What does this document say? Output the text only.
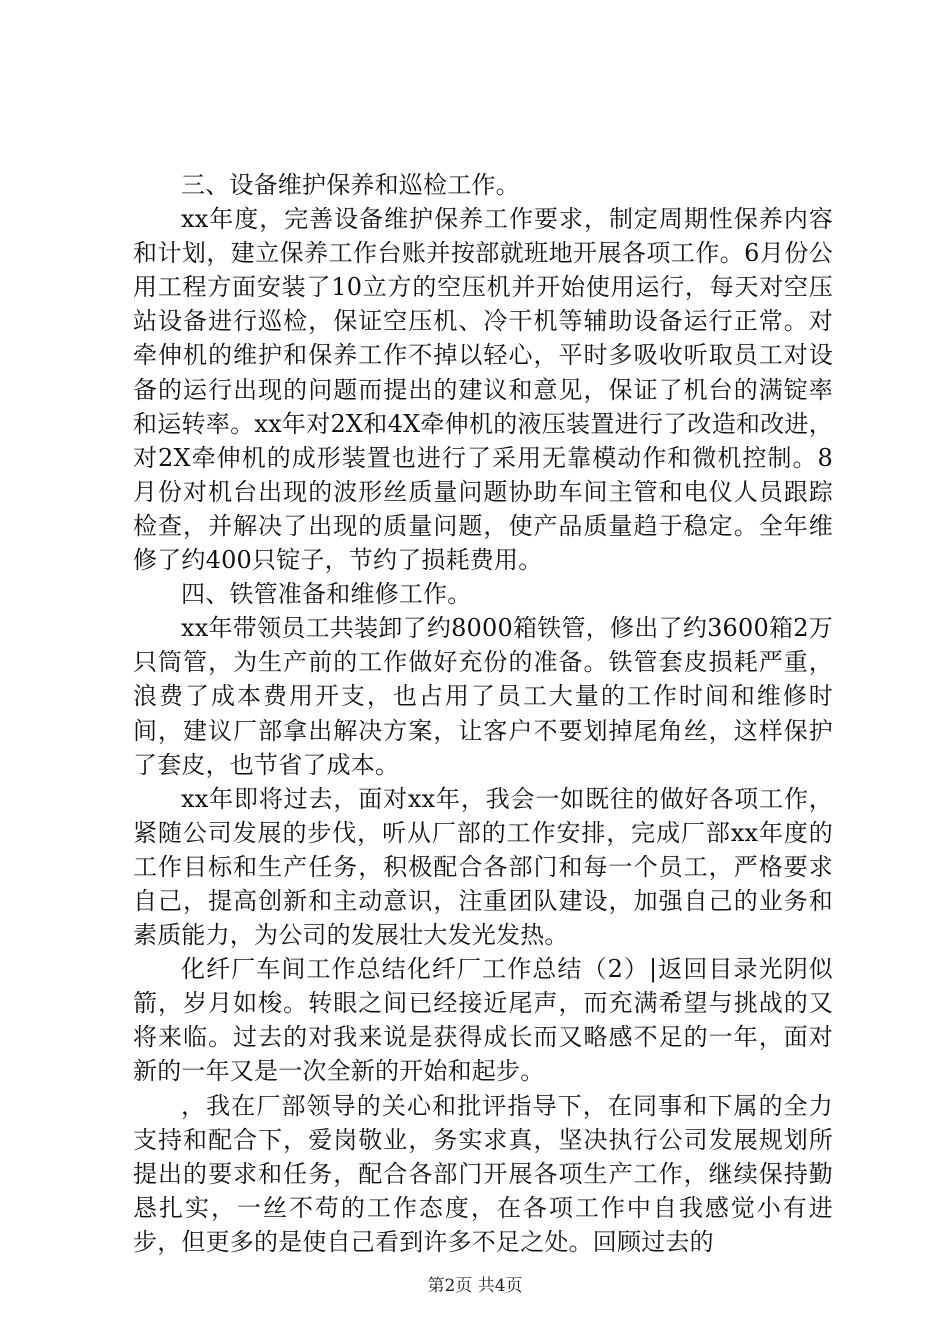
三、设备维护保养和巡检工作。

xx年度，完善设备维护保养工作要求，制定周期性保养内容和计划，建立保养工作台账并按部就班地开展各项工作。6月份公用工程方面安装了10立方的空压机并开始使用运行，每天对空压站设备进行巡检，保证空压机、冷干机等辅助设备运行正常。对牵伸机的维护和保养工作不掉以轻心，平时多吸收听取员工对设备的运行出现的问题而提出的建议和意见，保证了机台的满锭率和运转率。xx年对2X和4X牵伸机的液压装置进行了改造和改进，对2X牵伸机的成形装置也进行了采用无靠模动作和微机控制。8月份对机台出现的波形丝质量问题协助车间主管和电仪人员跟踪检查，并解决了出现的质量问题，使产品质量趋于稳定。全年维修了约400只锭子，节约了损耗费用。

四、铁管准备和维修工作。

xx年带领员工共装卸了约8000箱铁管，修出了约3600箱2万只筒管，为生产前的工作做好充份的准备。铁管套皮损耗严重，浪费了成本费用开支，也占用了员工大量的工作时间和维修时间，建议厂部拿出解决方案，让客户不要划掉尾角丝，这样保护了套皮，也节省了成本。

xx年即将过去，面对xx年，我会一如既往的做好各项工作，紧随公司发展的步伐，听从厂部的工作安排，完成厂部xx年度的工作目标和生产任务，积极配合各部门和每一个员工，严格要求自己，提高创新和主动意识，注重团队建设，加强自己的业务和素质能力，为公司的发展壮大发光发热。

化纤厂车间工作总结化纤厂工作总结（2）|返回目录光阴似箭，岁月如梭。转眼之间已经接近尾声，而充满希望与挑战的又将来临。过去的对我来说是获得成长而又略感不足的一年，面对新的一年又是一次全新的开始和起步。

，我在厂部领导的关心和批评指导下，在同事和下属的全力支持和配合下，爱岗敬业，务实求真，坚决执行公司发展规划所提出的要求和任务，配合各部门开展各项生产工作，继续保持勤恳扎实，一丝不苟的工作态度，在各项工作中自我感觉小有进步，但更多的是使自己看到许多不足之处。回顾过去的

第2页 共4页
